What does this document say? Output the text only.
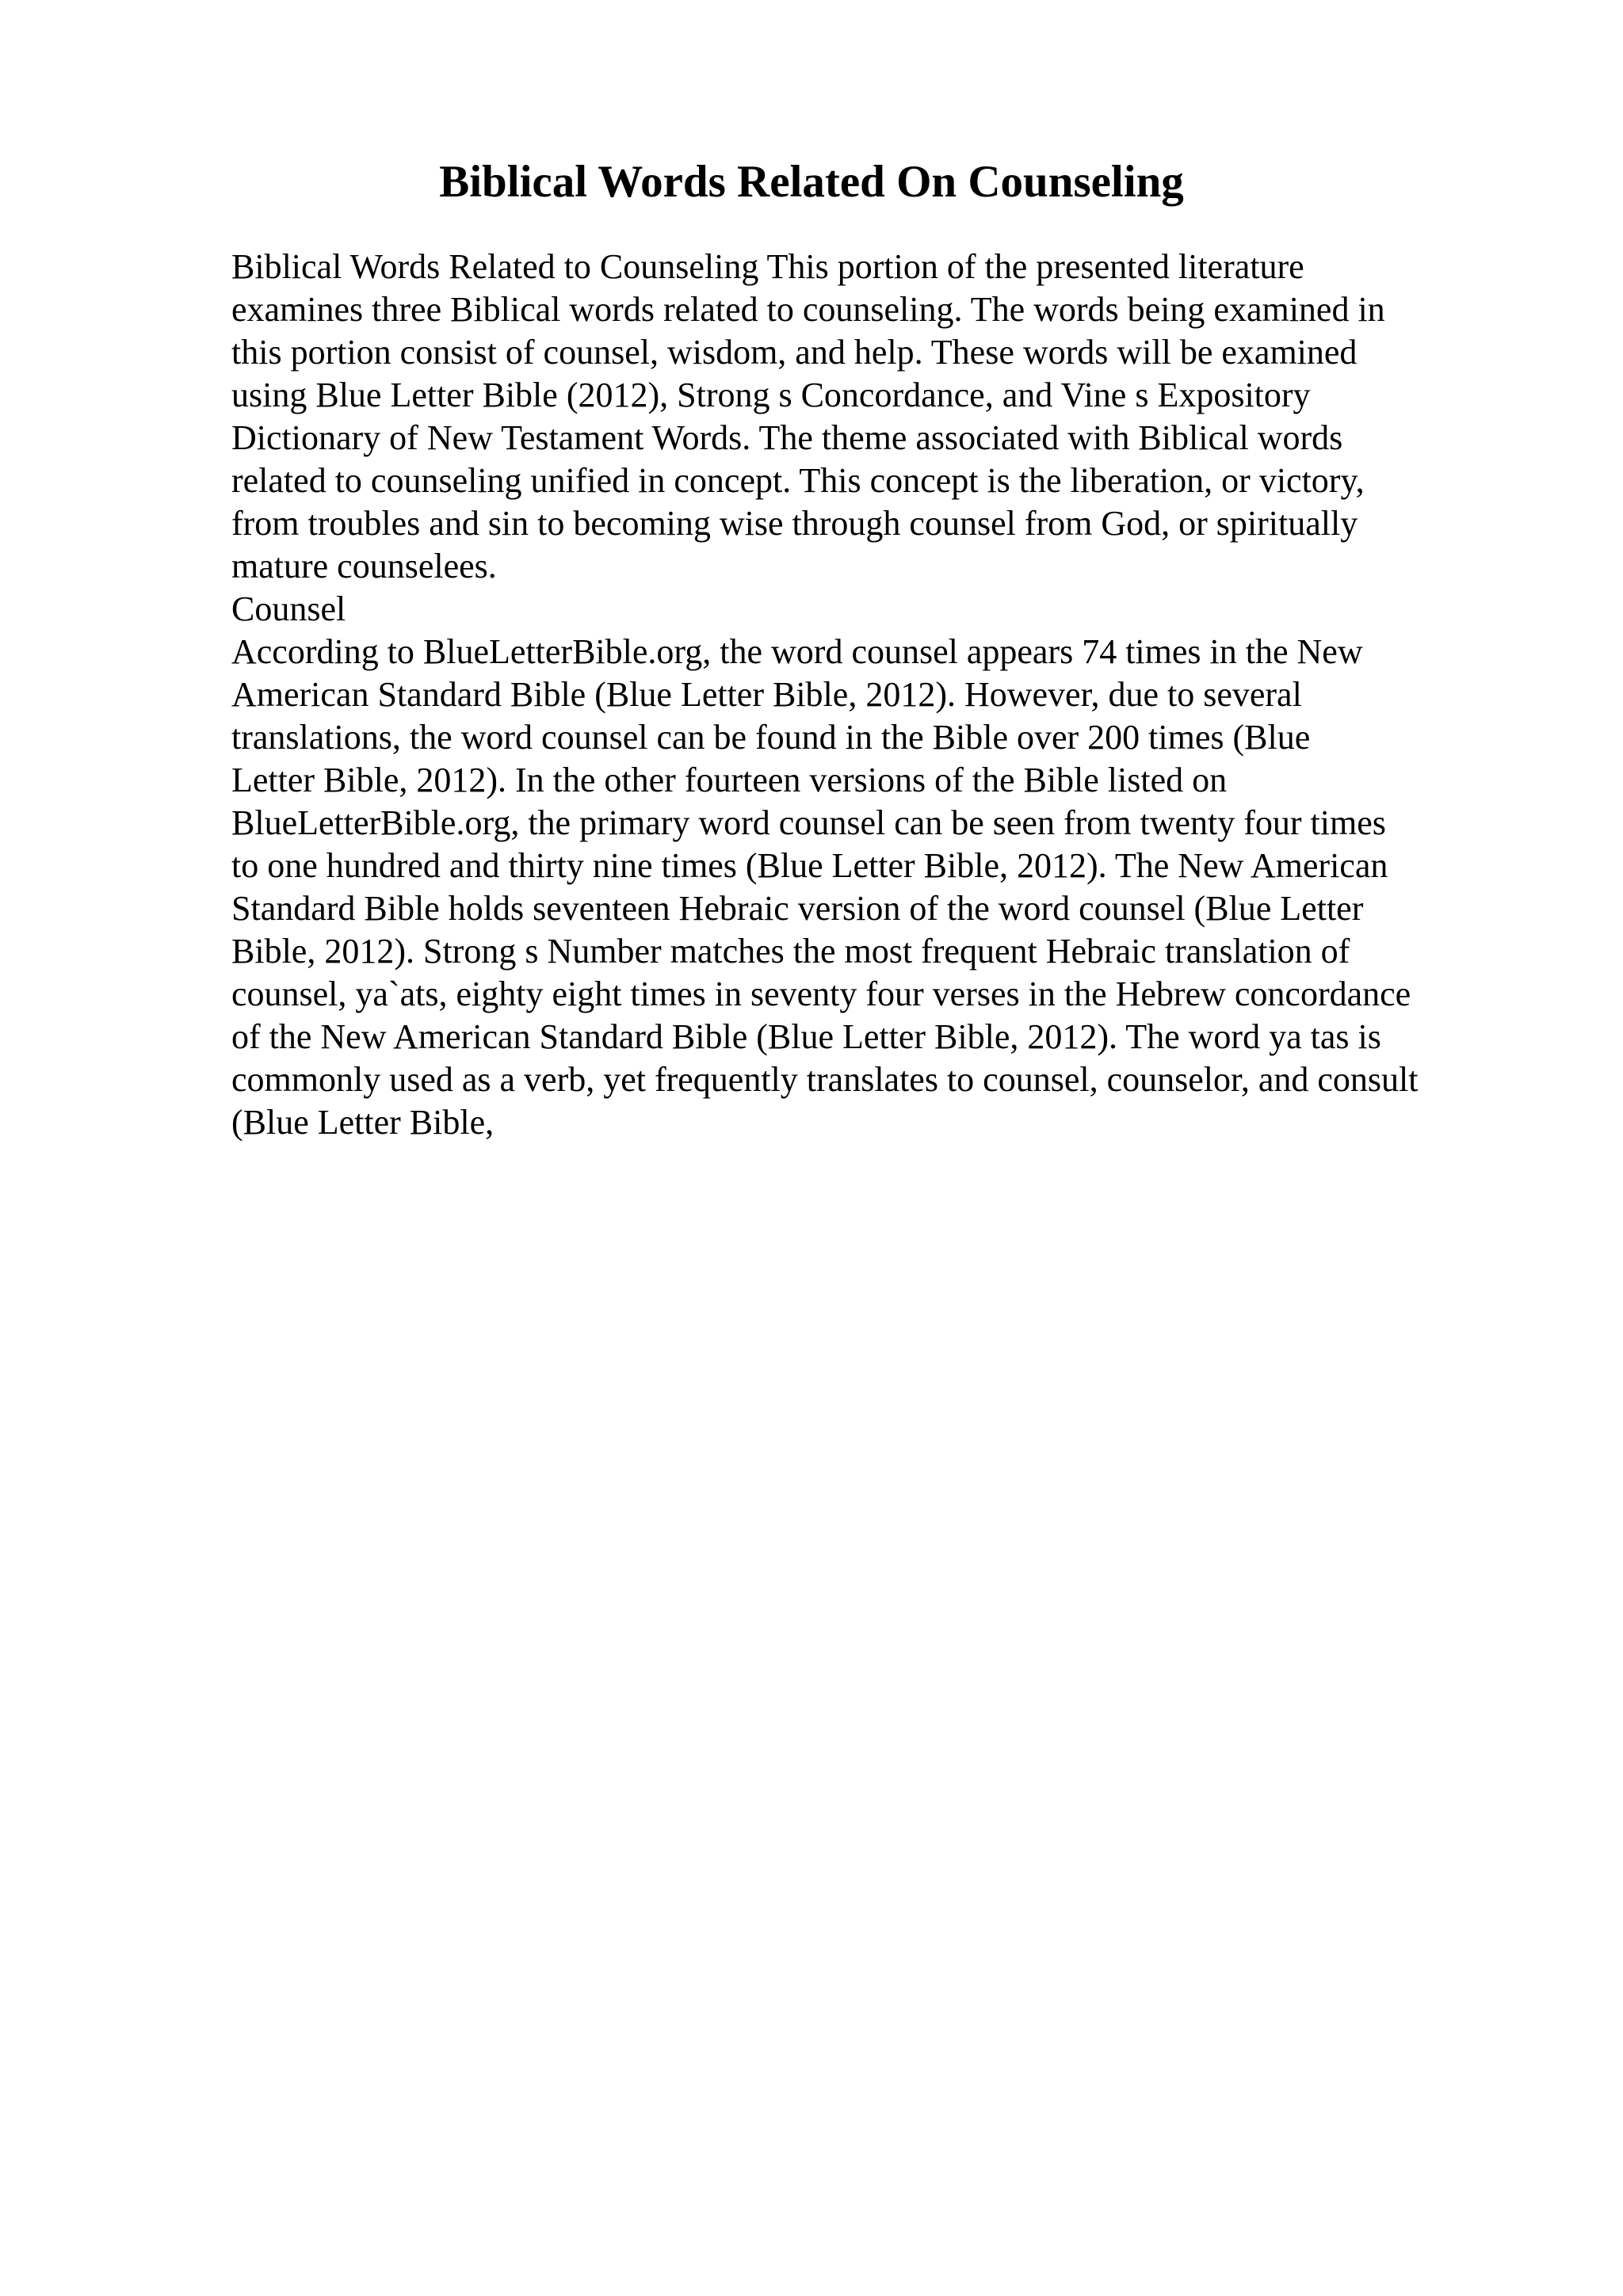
Biblical Words Related On Counseling
Biblical Words Related to Counseling This portion of the presented literature
examines three Biblical words related to counseling. The words being examined in
this portion consist of counsel, wisdom, and help. These words will be examined
using Blue Letter Bible (2012), Strong s Concordance, and Vine s Expository
Dictionary of New Testament Words. The theme associated with Biblical words
related to counseling unified in concept. This concept is the liberation, or victory,
from troubles and sin to becoming wise through counsel from God, or spiritually
mature counselees.
Counsel
According to BlueLetterBible.org, the word counsel appears 74 times in the New
American Standard Bible (Blue Letter Bible, 2012). However, due to several
translations, the word counsel can be found in the Bible over 200 times (Blue
Letter Bible, 2012). In the other fourteen versions of the Bible listed on
BlueLetterBible.org, the primary word counsel can be seen from twenty four times
to one hundred and thirty nine times (Blue Letter Bible, 2012). The New American
Standard Bible holds seventeen Hebraic version of the word counsel (Blue Letter
Bible, 2012). Strong s Number matches the most frequent Hebraic translation of
counsel, ya`ats, eighty eight times in seventy four verses in the Hebrew concordance
of the New American Standard Bible (Blue Letter Bible, 2012). The word ya tas is
commonly used as a verb, yet frequently translates to counsel, counselor, and consult
(Blue Letter Bible,
